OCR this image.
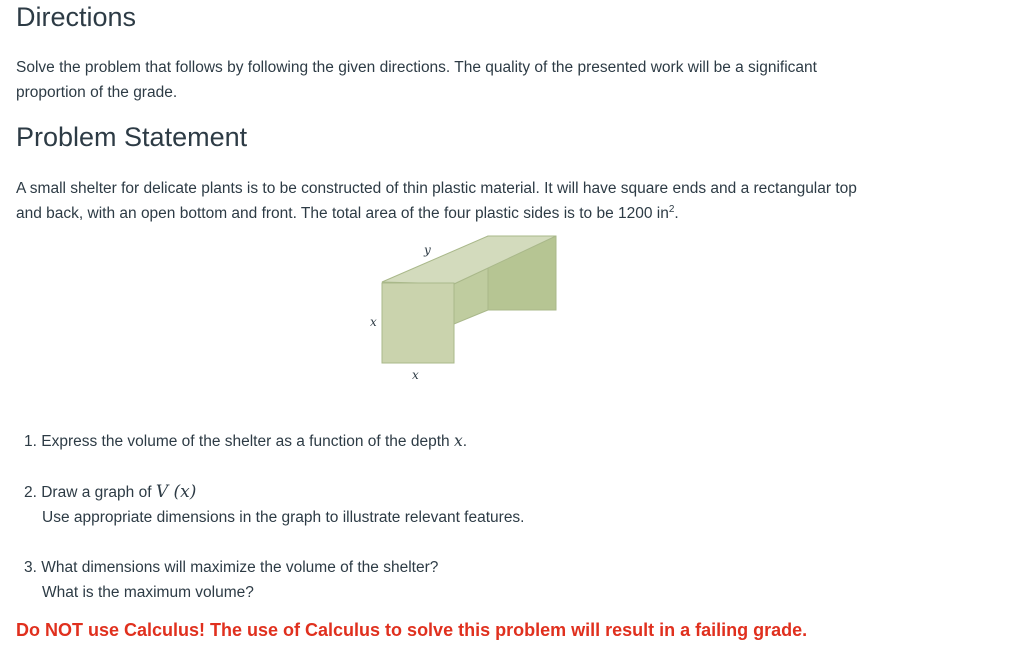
Directions

Solve the problem that follows by following the given directions. The quality of the presented work will be a significant proportion of the grade.

Problem Statement

A small shelter for delicate plants is to be constructed of thin plastic material. It will have square ends and a rectangular top and back, with an open bottom and front. The total area of the four plastic sides is to be 1200 $in^2$.

y
x
x

1. Express the volume of the shelter as a function of the depth x.

2. Draw a graph of V (x)
Use appropriate dimensions in the graph to illustrate relevant features.

3. What dimensions will maximize the volume of the shelter?
What is the maximum volume?

Do NOT use Calculus! The use of Calculus to solve this problem will result in a failing grade.
